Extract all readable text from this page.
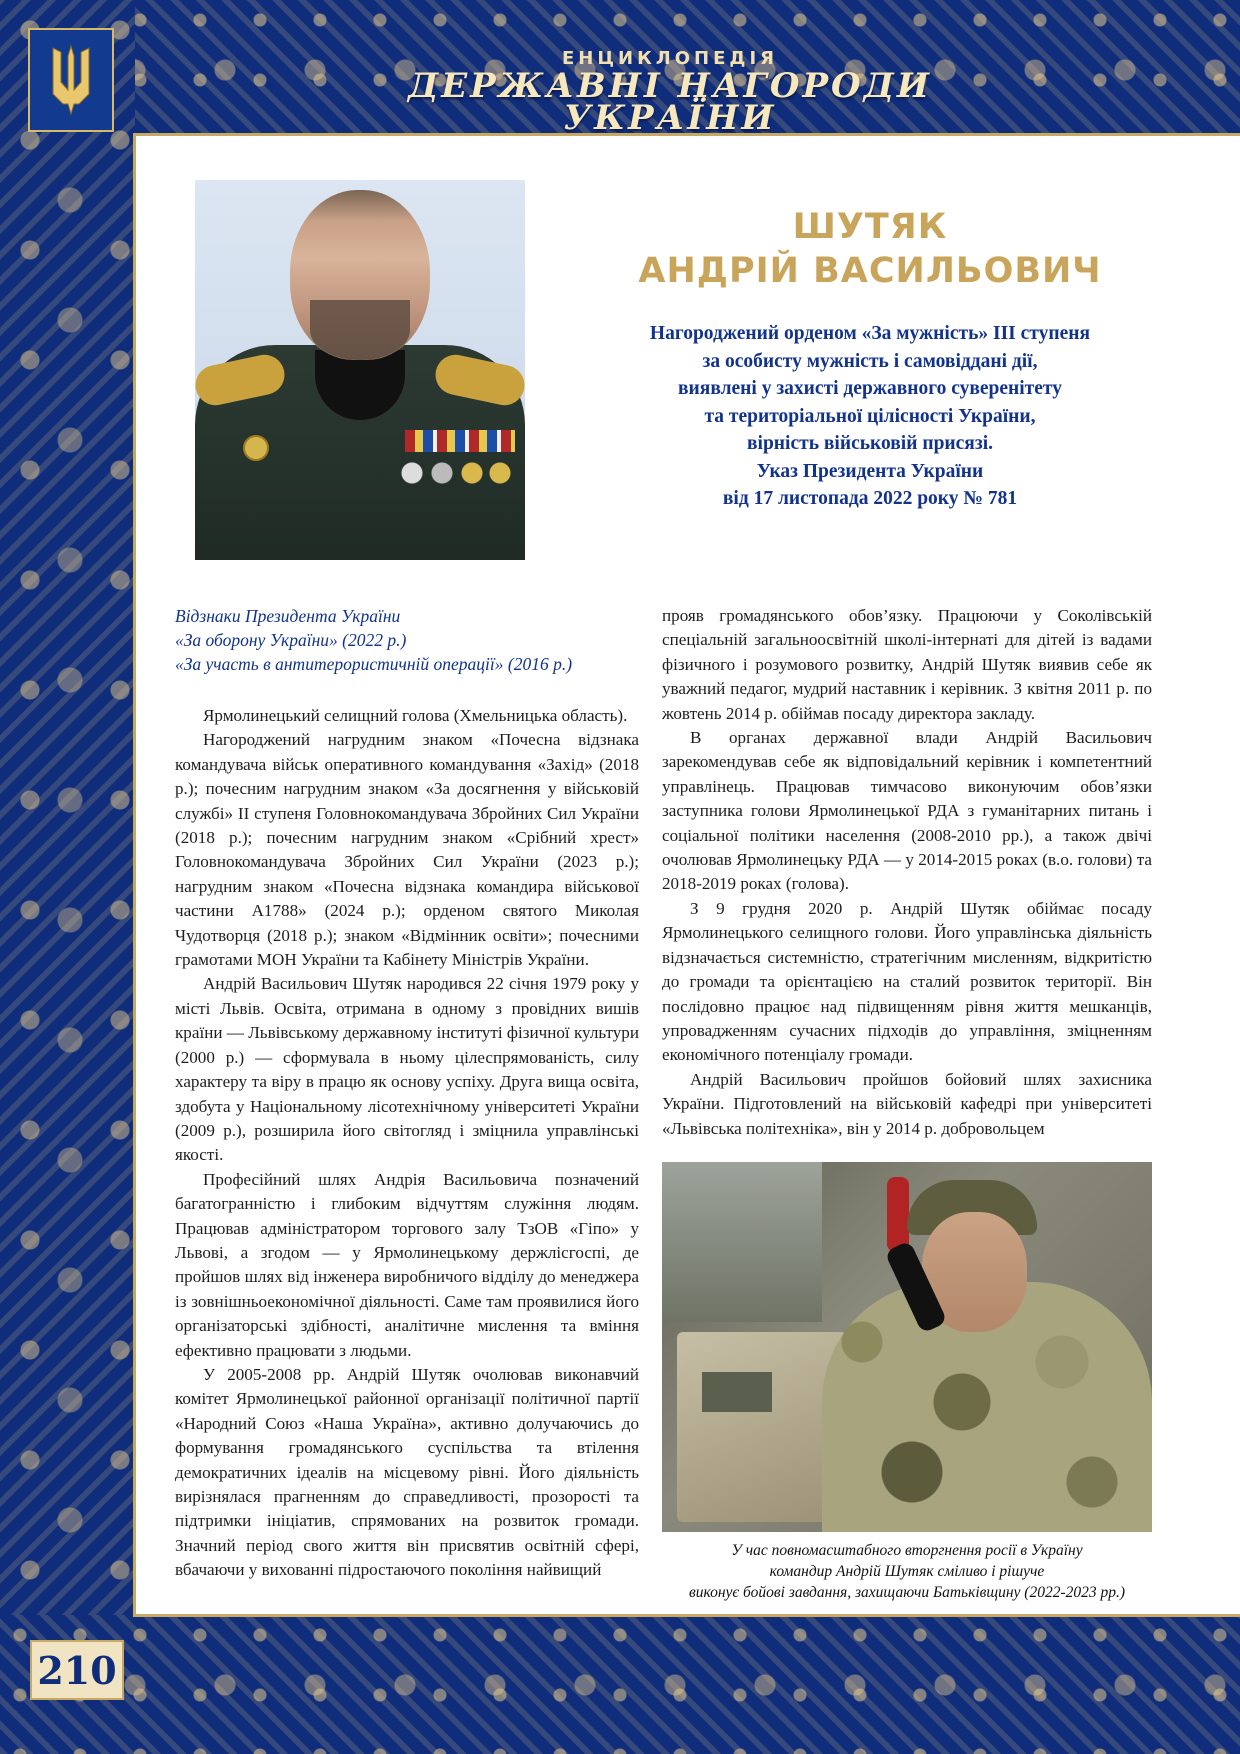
ЕНЦИКЛОПЕДІЯ
ДЕРЖАВНІ НАГОРОДИ
УКРАЇНИ
210
ШУТЯК
АНДРІЙ ВАСИЛЬОВИЧ
Нагороджений орденом «За мужність» ІІІ ступеня
за особисту мужність і самовіддані дії,
виявлені у захисті державного суверенітету
та територіальної цілісності України,
вірність військовій присязі.
Указ Президента України
від 17 листопада 2022 року № 781
Відзнаки Президента України
«За оборону України» (2022 р.)
«За участь в антитерористичній операції» (2016 р.)

Ярмолинецький селищний голова (Хмельницька область).

Нагороджений нагрудним знаком «Почесна відзнака командувача військ оперативного командування «Захід» (2018 р.); почесним нагрудним знаком «За досягнення у військовій службі» ІІ ступеня Головнокомандувача Збройних Сил України (2018 р.); почесним нагрудним знаком «Срібний хрест» Головнокомандувача Збройних Сил України (2023 р.); нагрудним знаком «Почесна відзнака командира військової частини А1788» (2024 р.); орденом святого Миколая Чудотворця (2018 р.); знаком «Відмінник освіти»; почесними грамотами МОН України та Кабінету Міністрів України.

Андрій Васильович Шутяк народився 22 січня 1979 року у місті Львів. Освіта, отримана в одному з провідних вишів країни — Львівському державному інституті фізичної культури (2000 р.) — сформувала в ньому цілеспрямованість, силу характеру та віру в працю як основу успіху. Друга вища освіта, здобута у Національному лісотехнічному університеті України (2009 р.), розширила його світогляд і зміцнила управлінські якості.

Професійний шлях Андрія Васильовича позначений багатогранністю і глибоким відчуттям служіння людям. Працював адміністратором торгового залу ТзОВ «Гіпо» у Львові, а згодом — у Ярмолинецькому держлісгоспі, де пройшов шлях від інженера виробничого відділу до менеджера із зовнішньоекономічної діяльності. Саме там проявилися його організаторські здібності, аналітичне мислення та вміння ефективно працювати з людьми.

У 2005-2008 рр. Андрій Шутяк очолював виконавчий комітет Ярмолинецької районної організації політичної партії «Народний Союз «Наша Україна», активно долучаючись до формування громадянського суспільства та втілення демократичних ідеалів на місцевому рівні. Його діяльність вирізнялася прагненням до справедливості, прозорості та підтримки ініціатив, спрямованих на розвиток громади. Значний період свого життя він присвятив освітній сфері, вбачаючи у вихованні підростаючого покоління найвищий

прояв громадянського обов’язку. Працюючи у Соколівській спеціальній загальноосвітній школі-інтернаті для дітей із вадами фізичного і розумового розвитку, Андрій Шутяк виявив себе як уважний педагог, мудрий наставник і керівник. З квітня 2011 р. по жовтень 2014 р. обіймав посаду директора закладу.

В органах державної влади Андрій Васильович зарекомендував себе як відповідальний керівник і компетентний управлінець. Працював тимчасово виконуючим обов’язки заступника голови Ярмолинецької РДА з гуманітарних питань і соціальної політики населення (2008-2010 рр.), а також двічі очолював Ярмолинецьку РДА — у 2014-2015 роках (в.о. голови) та 2018-2019 роках (голова).

З 9 грудня 2020 р. Андрій Шутяк обіймає посаду Ярмолинецького селищного голови. Його управлінська діяльність відзначається системністю, стратегічним мисленням, відкритістю до громади та орієнтацією на сталий розвиток території. Він послідовно працює над підвищенням рівня життя мешканців, упровадженням сучасних підходів до управління, зміцненням економічного потенціалу громади.

Андрій Васильович пройшов бойовий шлях захисника України. Підготовлений на військовій кафедрі при університеті «Львівська політехніка», він у 2014 р. добровольцем

У час повномасштабного вторгнення росії в Україну
командир Андрій Шутяк сміливо і рішуче
виконує бойові завдання, захищаючи Батьківщину (2022-2023 рр.)
